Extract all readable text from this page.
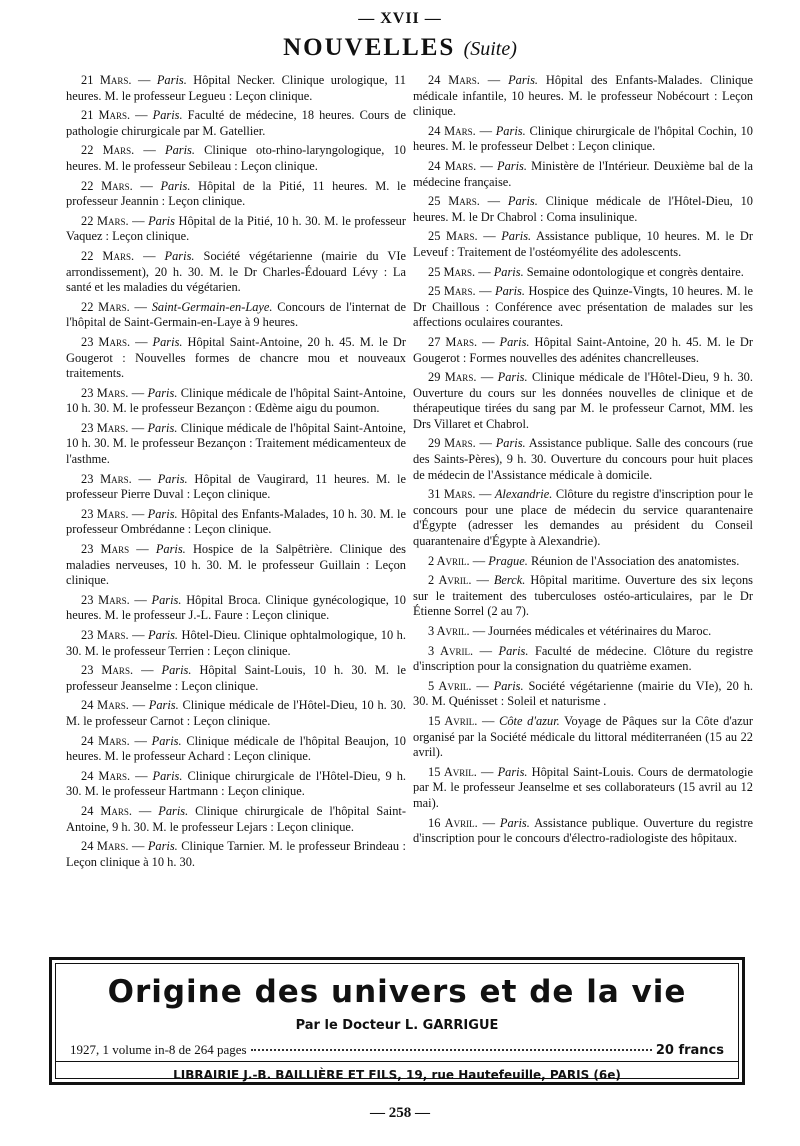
— XVII —
NOUVELLES (Suite)

21 Mars. — Paris. Hôpital Necker. Clinique urologique, 11 heures. M. le professeur Legueu : Leçon clinique.

21 Mars. — Paris. Faculté de médecine, 18 heures. Cours de pathologie chirurgicale par M. Gatellier.

22 Mars. — Paris. Clinique oto-rhino-laryngologique, 10 heures. M. le professeur Sebileau : Leçon clinique.

22 Mars. — Paris. Hôpital de la Pitié, 11 heures. M. le professeur Jeannin : Leçon clinique.

22 Mars. — Paris Hôpital de la Pitié, 10 h. 30. M. le professeur Vaquez : Leçon clinique.

22 Mars. — Paris. Société végétarienne (mairie du VIe arrondissement), 20 h. 30. M. le Dr Charles-Édouard Lévy : La santé et les maladies du végétarien.

22 Mars. — Saint-Germain-en-Laye. Concours de l'internat de l'hôpital de Saint-Germain-en-Laye à 9 heures.

23 Mars. — Paris. Hôpital Saint-Antoine, 20 h. 45. M. le Dr Gougerot : Nouvelles formes de chancre mou et nouveaux traitements.

23 Mars. — Paris. Clinique médicale de l'hôpital Saint-Antoine, 10 h. 30. M. le professeur Bezançon : Œdème aigu du poumon.

23 Mars. — Paris. Clinique médicale de l'hôpital Saint-Antoine, 10 h. 30. M. le professeur Bezançon : Traitement médicamenteux de l'asthme.

23 Mars. — Paris. Hôpital de Vaugirard, 11 heures. M. le professeur Pierre Duval : Leçon clinique.

23 Mars. — Paris. Hôpital des Enfants-Malades, 10 h. 30. M. le professeur Ombrédanne : Leçon clinique.

23 Mars — Paris. Hospice de la Salpêtrière. Clinique des maladies nerveuses, 10 h. 30. M. le professeur Guillain : Leçon clinique.

23 Mars. — Paris. Hôpital Broca. Clinique gynécologique, 10 heures. M. le professeur J.-L. Faure : Leçon clinique.

23 Mars. — Paris. Hôtel-Dieu. Clinique ophtalmologique, 10 h. 30. M. le professeur Terrien : Leçon clinique.

23 Mars. — Paris. Hôpital Saint-Louis, 10 h. 30. M. le professeur Jeanselme : Leçon clinique.

24 Mars. — Paris. Clinique médicale de l'Hôtel-Dieu, 10 h. 30. M. le professeur Carnot : Leçon clinique.

24 Mars. — Paris. Clinique médicale de l'hôpital Beaujon, 10 heures. M. le professeur Achard : Leçon clinique.

24 Mars. — Paris. Clinique chirurgicale de l'Hôtel-Dieu, 9 h. 30. M. le professeur Hartmann : Leçon clinique.

24 Mars. — Paris. Clinique chirurgicale de l'hôpital Saint-Antoine, 9 h. 30. M. le professeur Lejars : Leçon clinique.

24 Mars. — Paris. Clinique Tarnier. M. le professeur Brindeau : Leçon clinique à 10 h. 30.

24 Mars. — Paris. Hôpital des Enfants-Malades. Clinique médicale infantile, 10 heures. M. le professeur Nobécourt : Leçon clinique.

24 Mars. — Paris. Clinique chirurgicale de l'hôpital Cochin, 10 heures. M. le professeur Delbet : Leçon clinique.

24 Mars. — Paris. Ministère de l'Intérieur. Deuxième bal de la médecine française.

25 Mars. — Paris. Clinique médicale de l'Hôtel-Dieu, 10 heures. M. le Dr Chabrol : Coma insulinique.

25 Mars. — Paris. Assistance publique, 10 heures. M. le Dr Leveuf : Traitement de l'ostéomyélite des adolescents.

25 Mars. — Paris. Semaine odontologique et congrès dentaire.

25 Mars. — Paris. Hospice des Quinze-Vingts, 10 heures. M. le Dr Chaillous : Conférence avec présentation de malades sur les affections oculaires courantes.

27 Mars. — Paris. Hôpital Saint-Antoine, 20 h. 45. M. le Dr Gougerot : Formes nouvelles des adénites chancrelleuses.

29 Mars. — Paris. Clinique médicale de l'Hôtel-Dieu, 9 h. 30. Ouverture du cours sur les données nouvelles de clinique et de thérapeutique tirées du sang par M. le professeur Carnot, MM. les Drs Villaret et Chabrol.

29 Mars. — Paris. Assistance publique. Salle des concours (rue des Saints-Pères), 9 h. 30. Ouverture du concours pour huit places de médecin de l'Assistance médicale à domicile.

31 Mars. — Alexandrie. Clôture du registre d'inscription pour le concours pour une place de médecin du service quarantenaire d'Égypte (adresser les demandes au président du Conseil quarantenaire d'Égypte à Alexandrie).

2 Avril. — Prague. Réunion de l'Association des anatomistes.

2 Avril. — Berck. Hôpital maritime. Ouverture des six leçons sur le traitement des tuberculoses ostéo-articulaires, par le Dr Étienne Sorrel (2 au 7).

3 Avril. — Journées médicales et vétérinaires du Maroc.

3 Avril. — Paris. Faculté de médecine. Clôture du registre d'inscription pour la consignation du quatrième examen.

5 Avril. — Paris. Société végétarienne (mairie du VIe), 20 h. 30. M. Quénisset : Soleil et naturisme .

15 Avril. — Côte d'azur. Voyage de Pâques sur la Côte d'azur organisé par la Société médicale du littoral méditerranéen (15 au 22 avril).

15 Avril. — Paris. Hôpital Saint-Louis. Cours de dermatologie par M. le professeur Jeanselme et ses collaborateurs (15 avril au 12 mai).

16 Avril. — Paris. Assistance publique. Ouverture du registre d'inscription pour le concours d'électro-radiologiste des hôpitaux.

Origine des univers et de la vie
Par le Docteur L. GARRIGUE
1927, 1 volume in-8 de 264 pages	20 francs
LIBRAIRIE J.-B. BAILLIÈRE ET FILS, 19, rue Hautefeuille, PARIS (6e)
— 258 —
